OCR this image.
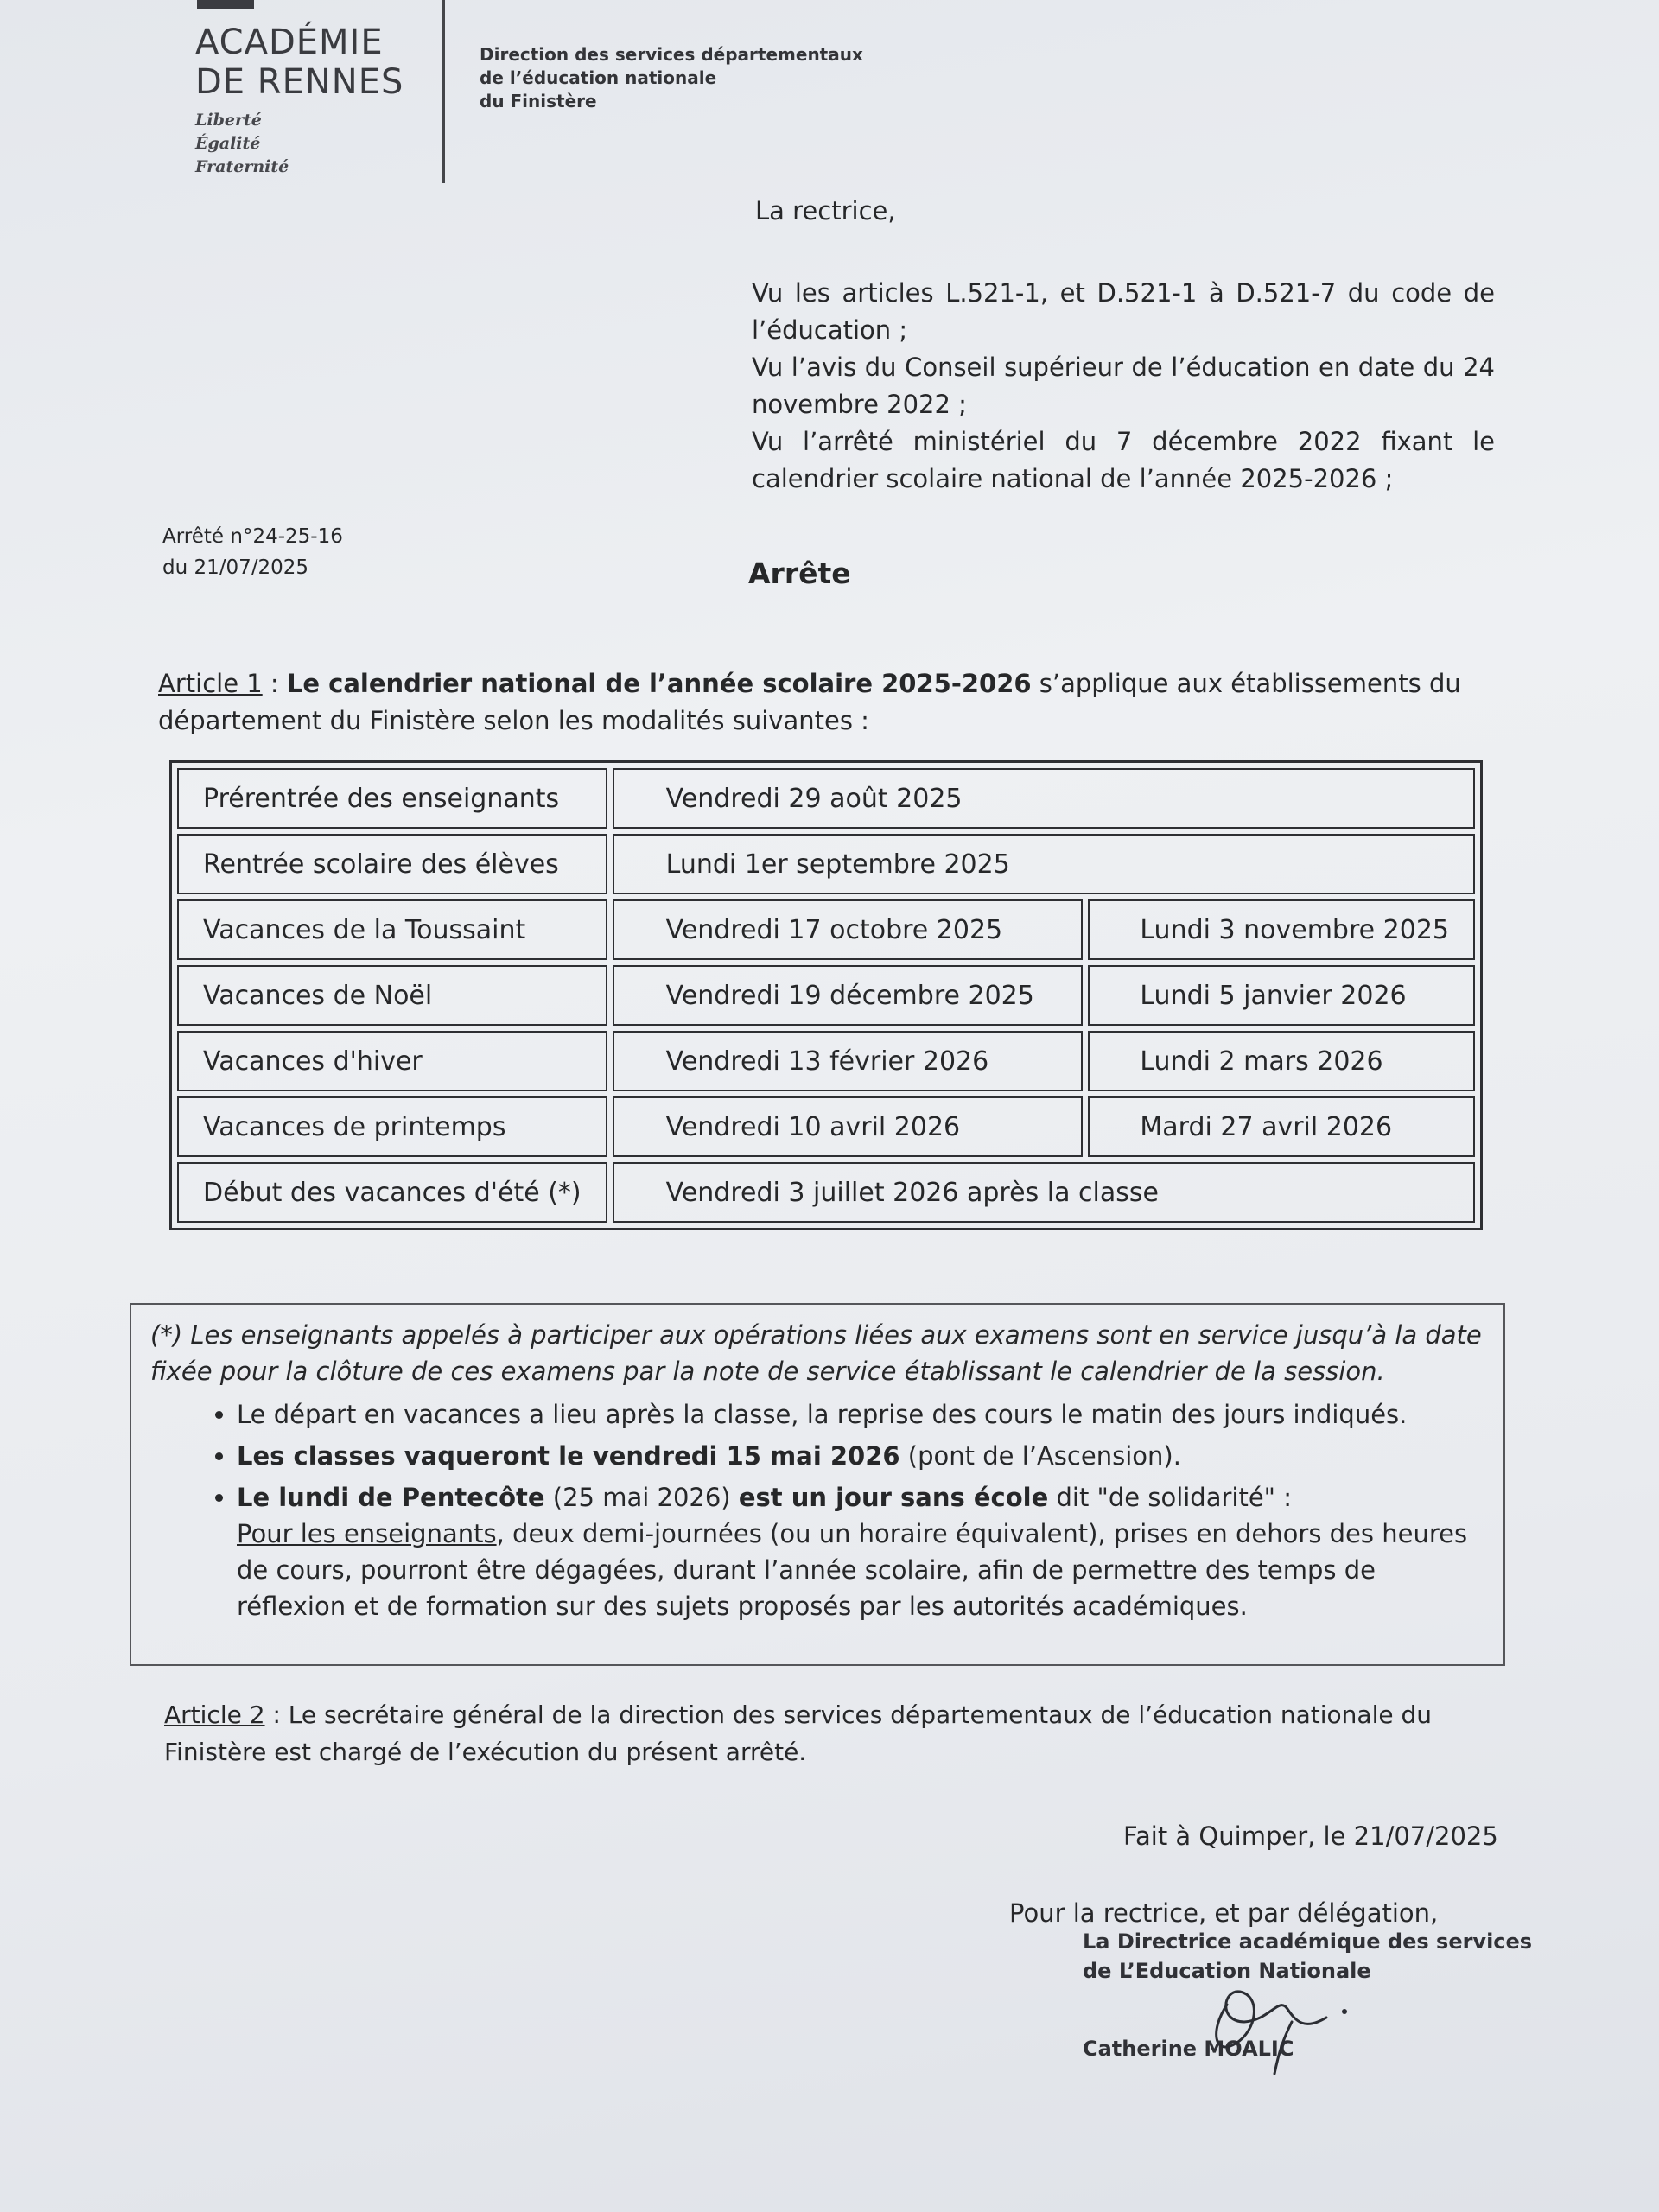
ACADÉMIE
DE RENNES
Liberté
Égalité
Fraternité
Direction des services départementaux
de l’éducation nationale
du Finistère
La rectrice,
Vu les articles L.521-1, et D.521-1 à D.521-7 du code de l’éducation ;
Vu l’avis du Conseil supérieur de l’éducation en date du 24 novembre 2022 ;
Vu l’arrêté ministériel du 7 décembre 2022 fixant le calendrier scolaire national de l’année 2025-2026 ;
Arrêté n°24-25-16
du 21/07/2025	Arrête
Article 1 : Le calendrier national de l’année scolaire 2025-2026 s’applique aux établissements du département du Finistère selon les modalités suivantes :
Prérentrée des enseignants	Vendredi 29 août 2025	
Rentrée scolaire des élèves	Lundi 1er septembre 2025	
Vacances de la Toussaint	Vendredi 17 octobre 2025	Lundi 3 novembre 2025
Vacances de Noël	Vendredi 19 décembre 2025	Lundi 5 janvier 2026
Vacances d'hiver	Vendredi 13 février 2026	Lundi 2 mars 2026
Vacances de printemps	Vendredi 10 avril 2026	Mardi 27 avril 2026
Début des vacances d'été (*)	Vendredi 3 juillet 2026 après la classe	
(*) Les enseignants appelés à participer aux opérations liées aux examens sont en service jusqu’à la date fixée pour la clôture de ces examens par la note de service établissant le calendrier de la session.
• Le départ en vacances a lieu après la classe, la reprise des cours le matin des jours indiqués.
• Les classes vaqueront le vendredi 15 mai 2026 (pont de l’Ascension).
• Le lundi de Pentecôte (25 mai 2026) est un jour sans école dit "de solidarité" :
Pour les enseignants, deux demi-journées (ou un horaire équivalent), prises en dehors des heures de cours, pourront être dégagées, durant l’année scolaire, afin de permettre des temps de réflexion et de formation sur des sujets proposés par les autorités académiques.
Article 2 : Le secrétaire général de la direction des services départementaux de l’éducation nationale du Finistère est chargé de l’exécution du présent arrêté.
Fait à Quimper, le 21/07/2025
Pour la rectrice, et par délégation,
La Directrice académique des services
de L’Education Nationale
Catherine MOALIC
